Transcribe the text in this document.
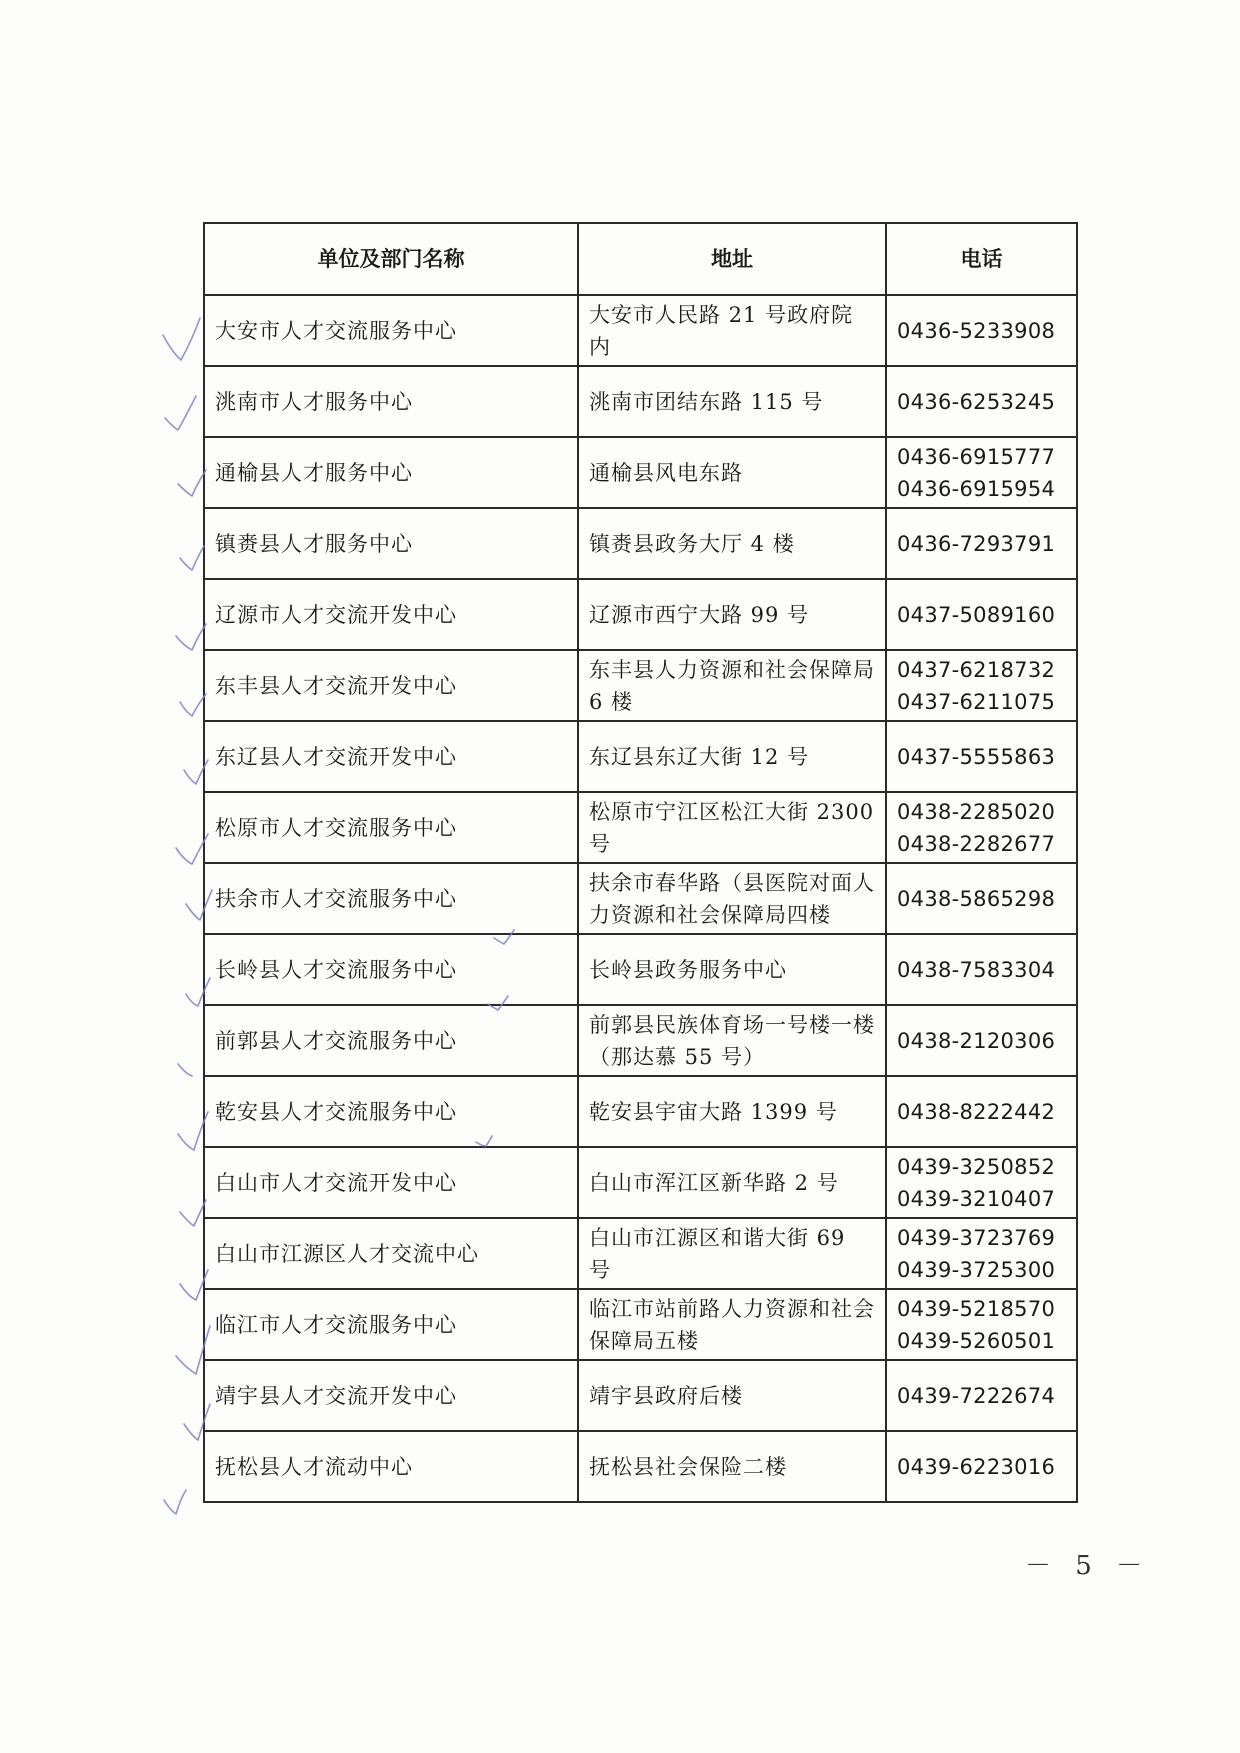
单位及部门名称	地址	电话
大安市人才交流服务中心	大安市人民路 21 号政府院内	0436-5233908

洮南市人才服务中心	洮南市团结东路 115 号	0436-6253245

通榆县人才服务中心	通榆县风电东路	0436-6915777
0436-6915954

镇赉县人才服务中心	镇赉县政务大厅 4 楼	0436-7293791

辽源市人才交流开发中心	辽源市西宁大路 99 号	0437-5089160

东丰县人才交流开发中心	东丰县人力资源和社会保障局 6 楼	0437-6218732
0437-6211075

东辽县人才交流开发中心	东辽县东辽大街 12 号	0437-5555863

松原市人才交流服务中心	松原市宁江区松江大街 2300 号	0438-2285020
0438-2282677

扶余市人才交流服务中心	扶余市春华路（县医院对面人力资源和社会保障局四楼	0438-5865298

长岭县人才交流服务中心	长岭县政务服务中心	0438-7583304

前郭县人才交流服务中心	前郭县民族体育场一号楼一楼（那达慕 55 号）	0438-2120306

乾安县人才交流服务中心	乾安县宇宙大路 1399 号	0438-8222442

白山市人才交流开发中心	白山市浑江区新华路 2 号	0439-3250852
0439-3210407

白山市江源区人才交流中心	白山市江源区和谐大街 69 号	0439-3723769
0439-3725300

临江市人才交流服务中心	临江市站前路人力资源和社会保障局五楼	0439-5218570
0439-5260501

靖宇县人才交流开发中心	靖宇县政府后楼	0439-7222674

抚松县人才流动中心	抚松县社会保险二楼	0439-6223016
－ 5 －
